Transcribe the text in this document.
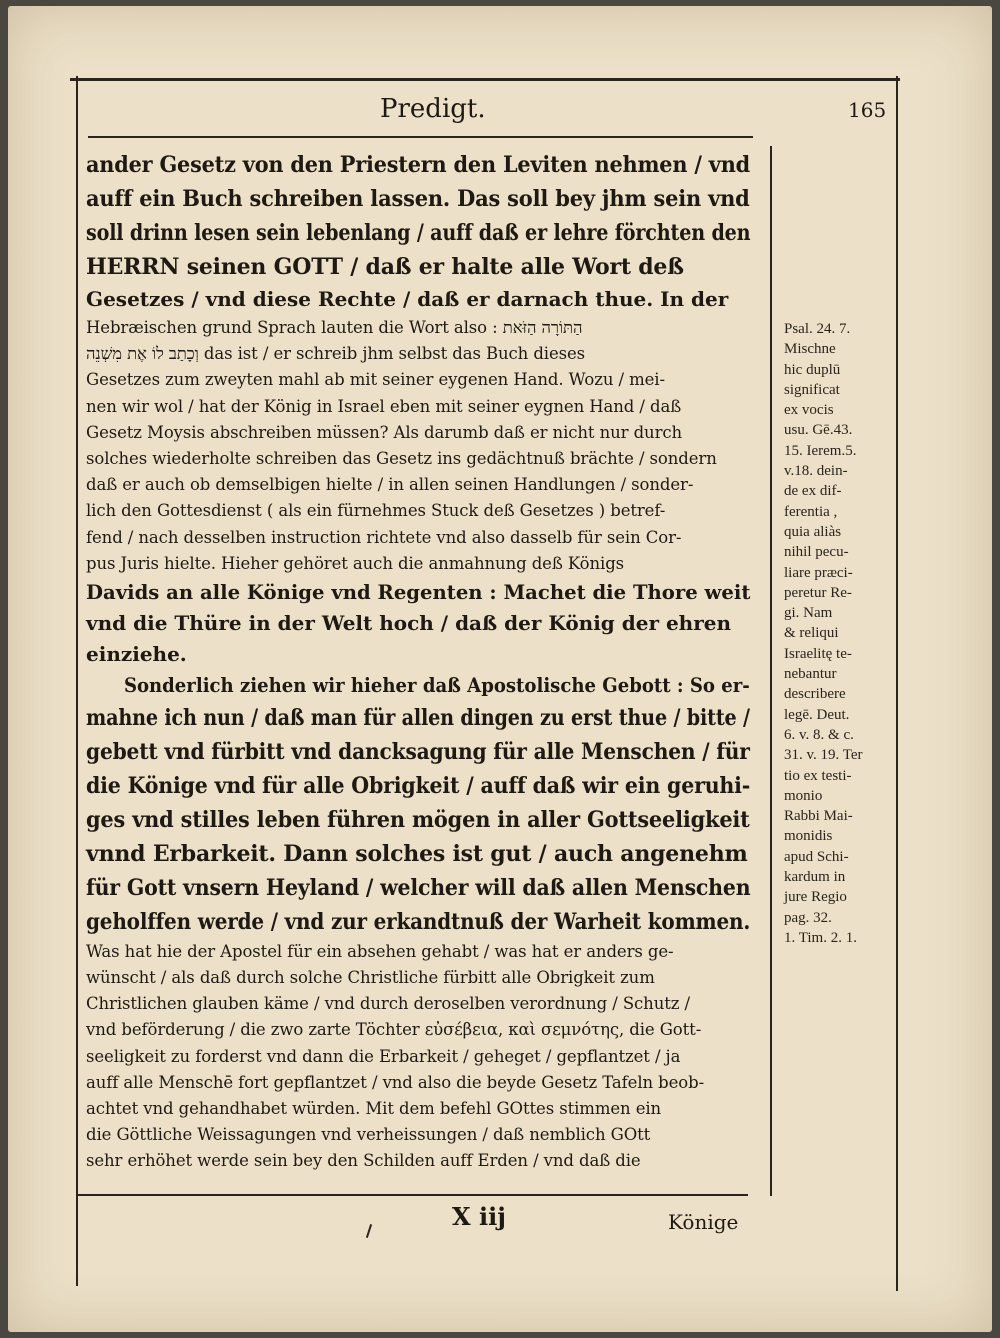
Predigt.	165
ander Gesetz von den Priestern den Leviten nehmen / vnd
auff ein Buch schreiben lassen. Das soll bey jhm sein vnd
soll drinn lesen sein lebenlang / auff daß er lehre förchten den
HERRN seinen GOTT / daß er halte alle Wort deß
Gesetzes / vnd diese Rechte / daß er darnach thue. In der
Hebræischen grund Sprach lauten die Wort also : הַתּוֹרָה הַזֹּאת
וְכָתַב לוֹ אֶת מִשְׁנֵה das ist / er schreib jhm selbst das Buch dieses
Gesetzes zum zweyten mahl ab mit seiner eygenen Hand. Wozu / mei-
nen wir wol / hat der König in Israel eben mit seiner eygnen Hand / daß
Gesetz Moysis abschreiben müssen? Als darumb daß er nicht nur durch
solches wiederholte schreiben das Gesetz ins gedächtnuß brächte / sondern
daß er auch ob demselbigen hielte / in allen seinen Handlungen / sonder-
lich den Gottesdienst ( als ein fürnehmes Stuck deß Gesetzes ) betref-
fend / nach desselben instruction richtete vnd also dasselb für sein Cor-
pus Juris hielte. Hieher gehöret auch die anmahnung deß Königs
Davids an alle Könige vnd Regenten : Machet die Thore weit
vnd die Thüre in der Welt hoch / daß der König der ehren
einziehe.
Sonderlich ziehen wir hieher daß Apostolische Gebott : So er-
mahne ich nun / daß man für allen dingen zu erst thue / bitte /
gebett vnd fürbitt vnd dancksagung für alle Menschen / für
die Könige vnd für alle Obrigkeit / auff daß wir ein geruhi-
ges vnd stilles leben führen mögen in aller Gottseeligkeit
vnnd Erbarkeit. Dann solches ist gut / auch angenehm
für Gott vnsern Heyland / welcher will daß allen Menschen
geholffen werde / vnd zur erkandtnuß der Warheit kommen.
Was hat hie der Apostel für ein absehen gehabt / was hat er anders ge-
wünscht / als daß durch solche Christliche fürbitt alle Obrigkeit zum
Christlichen glauben käme / vnd durch deroselben verordnung / Schutz /
vnd beförderung / die zwo zarte Töchter εὐσέβεια, καὶ σεμνότης, die Gott-
seeligkeit zu forderst vnd dann die Erbarkeit / geheget / gepflantzet / ja
auff alle Menschē fort gepflantzet / vnd also die beyde Gesetz Tafeln beob-
achtet vnd gehandhabet würden. Mit dem befehl GOttes stimmen ein
die Göttliche Weissagungen vnd verheissungen / daß nemblich GOtt
sehr erhöhet werde sein bey den Schilden auff Erden / vnd daß die
Psal. 24. 7.
Mischne
hic duplū
significat
ex vocis
usu. Gē.43.
15. Ierem.5.
v.18. dein-
de ex dif-
ferentia ,
quia aliàs
nihil pecu-
liare præci-
peretur Re-
gi. Nam
& reliqui
Israelitę te-
nebantur
describere
legē. Deut.
6. v. 8. & c.
31. v. 19. Ter
tio ex testi-
monio
Rabbi Mai-
monidis
apud Schi-
kardum in
jure Regio
pag. 32.
1. Tim. 2. 1.
X iij	Könige
